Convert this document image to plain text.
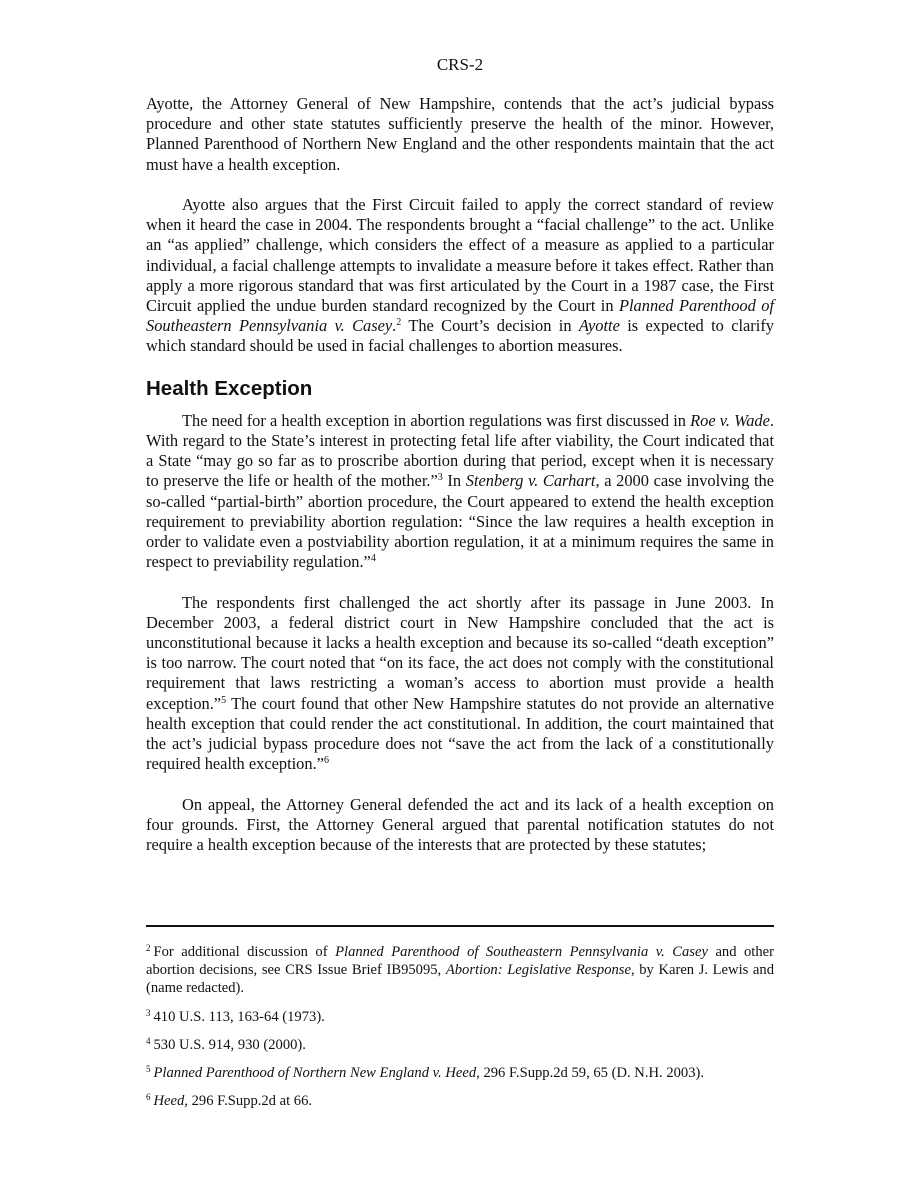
CRS-2

Ayotte, the Attorney General of New Hampshire, contends that the act’s judicial bypass procedure and other state statutes sufficiently preserve the health of the minor. However, Planned Parenthood of Northern New England and the other respondents maintain that the act must have a health exception.

Ayotte also argues that the First Circuit failed to apply the correct standard of review when it heard the case in 2004. The respondents brought a “facial challenge” to the act. Unlike an “as applied” challenge, which considers the effect of a measure as applied to a particular individual, a facial challenge attempts to invalidate a measure before it takes effect. Rather than apply a more rigorous standard that was first articulated by the Court in a 1987 case, the First Circuit applied the undue burden standard recognized by the Court in Planned Parenthood of Southeastern Pennsylvania v. Casey.$^2$ The Court’s decision in Ayotte is expected to clarify which standard should be used in facial challenges to abortion measures.

Health Exception

The need for a health exception in abortion regulations was first discussed in Roe v. Wade. With regard to the State’s interest in protecting fetal life after viability, the Court indicated that a State “may go so far as to proscribe abortion during that period, except when it is necessary to preserve the life or health of the mother.”$^3$ In Stenberg v. Carhart, a 2000 case involving the so-called “partial-birth” abortion procedure, the Court appeared to extend the health exception requirement to previability abortion regulation: “Since the law requires a health exception in order to validate even a postviability abortion regulation, it at a minimum requires the same in respect to previability regulation.”$^4$

The respondents first challenged the act shortly after its passage in June 2003. In December 2003, a federal district court in New Hampshire concluded that the act is unconstitutional because it lacks a health exception and because its so-called “death exception” is too narrow. The court noted that “on its face, the act does not comply with the constitutional requirement that laws restricting a woman’s access to abortion must provide a health exception.”$^5$ The court found that other New Hampshire statutes do not provide an alternative health exception that could render the act constitutional. In addition, the court maintained that the act’s judicial bypass procedure does not “save the act from the lack of a constitutionally required health exception.”$^6$

On appeal, the Attorney General defended the act and its lack of a health exception on four grounds. First, the Attorney General argued that parental notification statutes do not require a health exception because of the interests that are protected by these statutes;

$^2$ For additional discussion of Planned Parenthood of Southeastern Pennsylvania v. Casey and other abortion decisions, see CRS Issue Brief IB95095, Abortion: Legislative Response, by Karen J. Lewis and (name redacted).
$^3$ 410 U.S. 113, 163-64 (1973).
$^4$ 530 U.S. 914, 930 (2000).
$^5$ Planned Parenthood of Northern New England v. Heed, 296 F.Supp.2d 59, 65 (D. N.H. 2003).
$^6$ Heed, 296 F.Supp.2d at 66.
